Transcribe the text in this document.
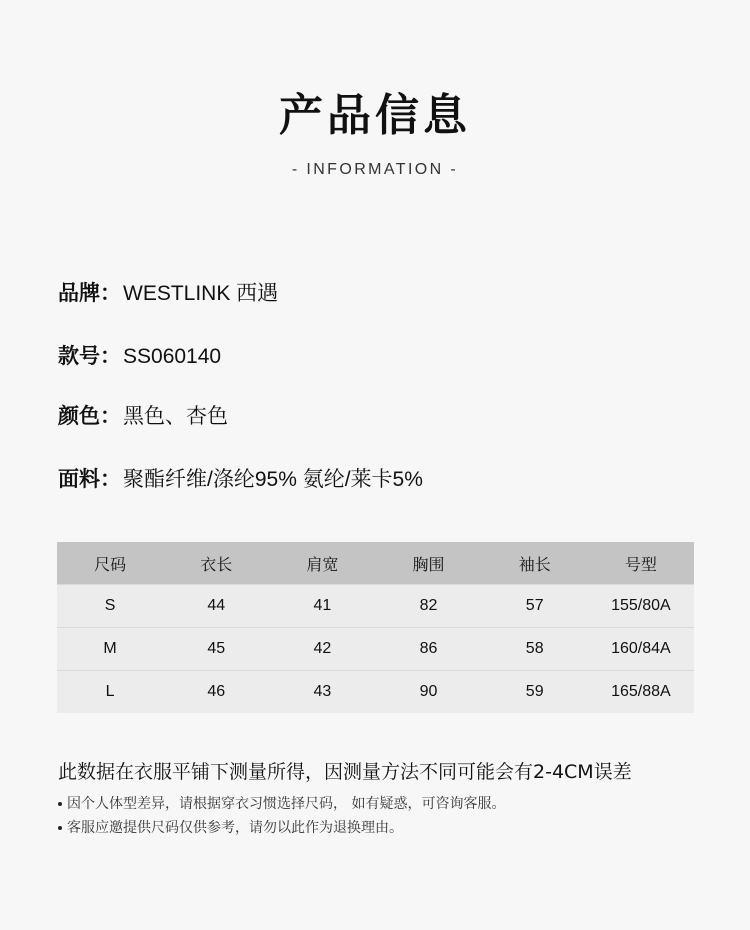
产品信息
- INFORMATION -
品牌：WESTLINK 西遇
款号：SS060140
颜色：黑色、杏色
面料：聚酯纤维/涤纶95% 氨纶/莱卡5%
尺码	衣长	肩宽	胸围	袖长	号型
S	44	41	82	57	155/80A
M	45	42	86	58	160/84A
L	46	43	90	59	165/88A
此数据在衣服平铺下测量所得，因测量方法不同可能会有2-4CM误差
因个人体型差异，请根据穿衣习惯选择尺码， 如有疑惑，可咨询客服。
客服应邀提供尺码仅供参考，请勿以此作为退换理由。
